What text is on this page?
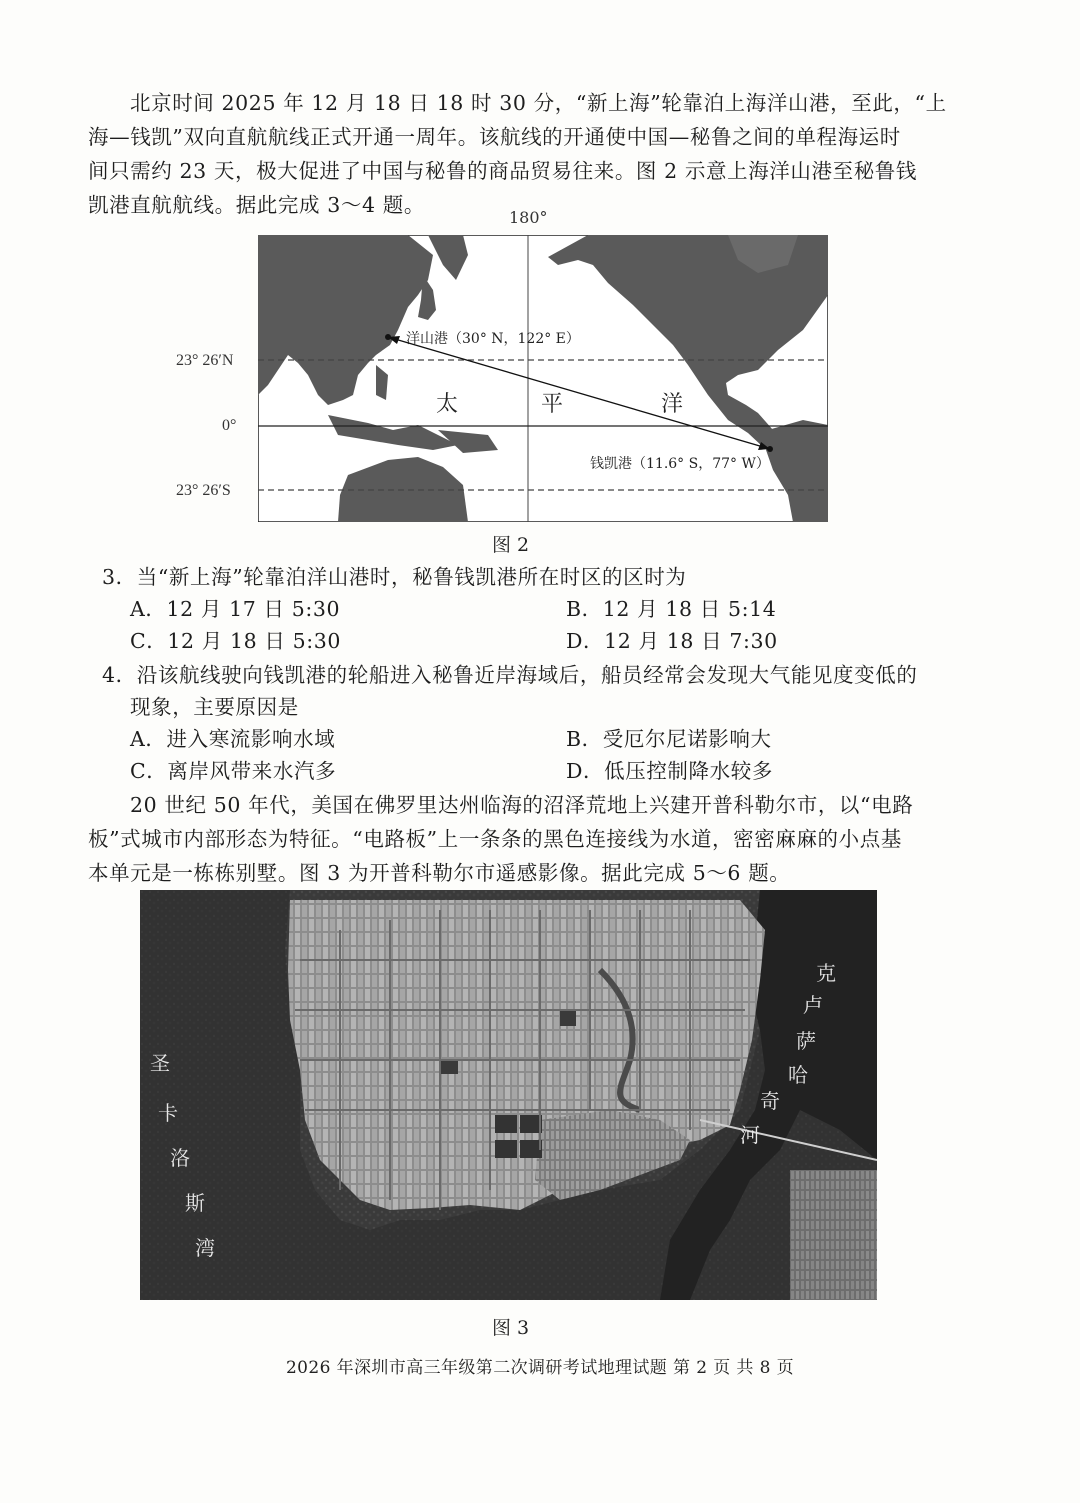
北京时间 2025 年 12 月 18 日 18 时 30 分，“新上海”轮靠泊上海洋山港，至此，“上
海—钱凯”双向直航航线正式开通一周年。该航线的开通使中国—秘鲁之间的单程海运时
间只需约 23 天，极大促进了中国与秘鲁的商品贸易往来。图 2 示意上海洋山港至秘鲁钱
凯港直航航线。据此完成 3～4 题。
180°
23° 26′N
0°
23° 26′S
洋山港（30° N，122° E）
钱凯港（11.6° S，77° W）
太	平	洋
图 2
3．当“新上海”轮靠泊洋山港时，秘鲁钱凯港所在时区的区时为
A．12 月 17 日 5:30	B．12 月 18 日 5:14
C．12 月 18 日 5:30	D．12 月 18 日 7:30
4．沿该航线驶向钱凯港的轮船进入秘鲁近岸海域后，船员经常会发现大气能见度变低的
现象，主要原因是
A．进入寒流影响水域	B．受厄尔尼诺影响大
C．离岸风带来水汽多	D．低压控制降水较多
20 世纪 50 年代，美国在佛罗里达州临海的沼泽荒地上兴建开普科勒尔市，以“电路
板”式城市内部形态为特征。“电路板”上一条条的黑色连接线为水道，密密麻麻的小点基
本单元是一栋栋别墅。图 3 为开普科勒尔市遥感影像。据此完成 5～6 题。
圣
卡
洛
斯
湾
克
卢
萨
哈
奇
河
图 3
2026 年深圳市高三年级第二次调研考试地理试题 第 2 页 共 8 页
